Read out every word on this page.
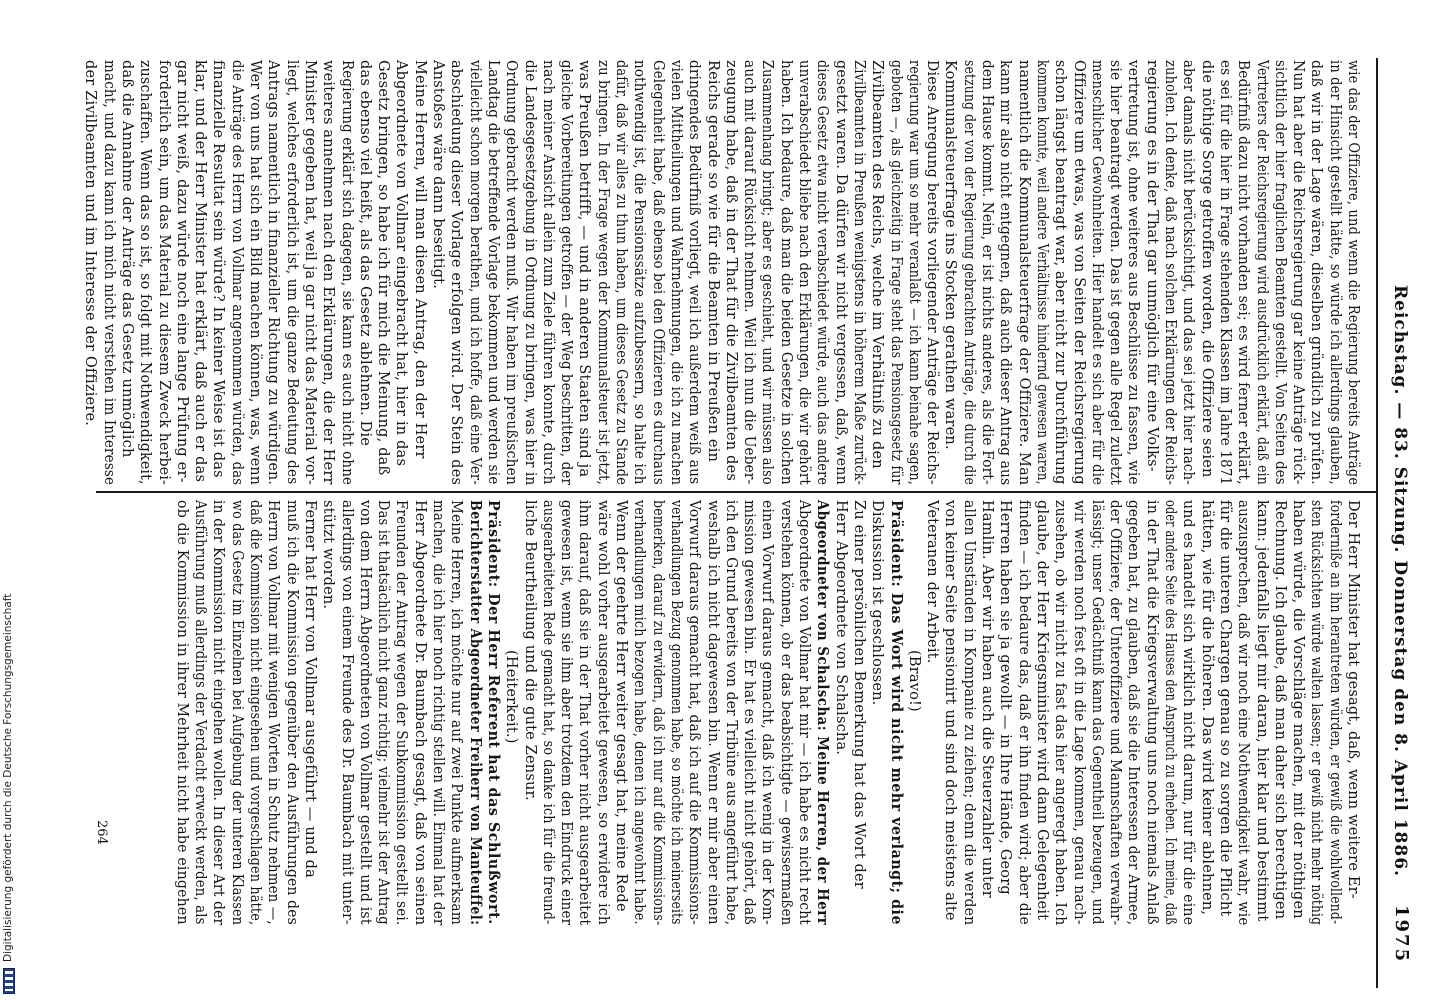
Reichstag. — 83. Sitzung. Donnerstag den 8. April 1886.
1975
Digitalisierung gefördert durch die Deutsche Forschungsgemeinschaft	264
wie das der Offiziere, und wenn die Regierung bereits Anträge
in der Hinsicht gestellt hätte, so würde ich allerdings glauben,
daß wir in der Lage wären, dieselben gründlich zu prüfen.
Nun hat aber die Reichsregierung gar keine Anträge rück-
sichtlich der hier fraglichen Beamten gestellt. Von Seiten des
Vertreters der Reichsregierung wird ausdrücklich erklärt, daß ein
Bedürfniß dazu nicht vorhanden sei; es wird ferner erklärt,
es sei für die hier in Frage stehenden Klassen im Jahre 1871
die nöthige Sorge getroffen worden, die Offiziere seien
aber damals nicht berücksichtigt, und das sei jetzt hier nach-
zuholen. Ich denke, daß nach solchen Erklärungen der Reichs-
regierung es in der That gar unmöglich für eine Volks-
vertretung ist, ohne weiteres aus Beschlüsse zu fassen, wie
sie hier beantragt werden. Das ist gegen alle Regel zuletzt
menschlicher Gewohnheiten. Hier handelt es sich aber für die
Offiziere um etwas, was von Seiten der Reichsregierung
schon längst beantragt war, aber nicht zur Durchführung
kommen konnte, weil andere Verhältnisse hindernd gewesen waren,
namentlich die Kommunalsteuerfrage der Offiziere. Man
kann mir also nicht entgegnen, daß auch dieser Antrag aus
dem Hause kommt. Nein, er ist nichts anderes, als die Fort-
setzung der von der Regierung gebrachten Anträge, die durch die
Kommunalsteuerfrage ins Stocken gerathen waren.
Diese Anregung bereits vorliegender Anträge der Reichs-
regierung war um so mehr veranlaßt — ich kann beinahe sagen,
geboten —, als gleichzeitig in Frage steht das Pensionsgesetz für
Zivilbeamten des Reichs, welche im Verhältniß zu den
Zivilbeamten in Preußen wenigstens in höherem Maße zurück-
gesetzt waren. Da dürfen wir nicht vergessen, daß, wenn
dieses Gesetz etwa nicht verabschiedet würde, auch das andere
unverabschiedet bliebe nach den Erklärungen, die wir gehört
haben. Ich bedaure, daß man die beiden Gesetze in solchen
Zusammenhang bringt; aber es geschieht, und wir müssen also
auch mit darauf Rücksicht nehmen. Weil ich nun die Ueber-
zeugung habe, daß in der That für die Zivilbeamten des
Reichs gerade so wie für die Beamten in Preußen ein
dringendes Bedürfniß vorliegt, weil ich außerdem weiß aus
vielen Mittheilungen und Wahrnehmungen, die ich zu machen
Gelegenheit habe, daß ebenso bei den Offizieren es durchaus
nothwendig ist, die Pensionssätze aufzubessern, so halte ich
dafür, daß wir alles zu thun haben, um dieses Gesetz zu Stande
zu bringen. In der Frage wegen der Kommunalsteuer ist jetzt,
was Preußen betrifft, — und in anderen Staaten sind ja
gleiche Vorbereitungen getroffen — der Weg beschritten, der
nach meiner Ansicht allein zum Ziele führen konnte, durch
die Landesgesetzgebung in Ordnung zu bringen, was hier in
Ordnung gebracht werden muß. Wir haben im preußischen
Landtag die betreffende Vorlage bekommen und werden sie
vielleicht schon morgen berathen, und ich hoffe, daß eine Ver-
abschiedung dieser Vorlage erfolgen wird. Der Stein des
Anstoßes wäre dann beseitigt.
Meine Herren, will man diesen Antrag, den der Herr
Abgeordnete von Vollmar eingebracht hat, hier in das
Gesetz bringen, so habe ich für mich die Meinung, daß
das ebenso viel heißt, als das Gesetz ablehnen. Die
Regierung erklärt sich dagegen, sie kann es auch nicht ohne
weiteres annehmen nach den Erklärungen, die der Herr
Minister gegeben hat, weil ja gar nicht das Material vor-
liegt, welches erforderlich ist, um die ganze Bedeutung des
Antrags namentlich in finanzieller Richtung zu würdigen.
Wer von uns hat sich ein Bild machen können, was, wenn
die Anträge des Herrn von Vollmar angenommen würden, das
finanzielle Resultat sein würde? In keiner Weise ist das
klar, und der Herr Minister hat erklärt, daß auch er das
gar nicht weiß, dazu würde noch eine lange Prüfung er-
forderlich sein, um das Material zu diesem Zweck herbei-
zuschaffen. Wenn das so ist, so folgt mit Nothwendigkeit,
daß die Annahme der Anträge das Gesetz unmöglich
macht, und dazu kann ich mich nicht verstehen im Interesse
der Zivilbeamten und im Interesse der Offiziere.
Der Herr Minister hat gesagt, daß, wenn weitere Er-
forderniße an ihn herantreten würden, er gewiß die wohlwollend-
sten Rücksichten würde walten lassen; er gewiß nicht mehr nöthig
haben würde, die Vorschläge machen, mit der nöthigen
Rechnung. Ich glaube, daß man daher sich berechtigen
kann: jedenfalls liegt mir daran, hier klar und bestimmt
auszusprechen, daß wir noch eine Nothwendigkeit wahr, wie
für die unteren Chargen genau so zu sorgen die Pflicht
hätten, wie für die höheren. Das wird keiner ablehnen,
und es handelt sich wirklich nicht darum, nur für die eine
oder andere Seite des Hauses den Anspruch zu erheben. Ich meine, daß
in der That die Kriegsverwaltung uns noch niemals Anlaß
gegeben hat, zu glauben, daß sie die Interessen der Armee,
der Offiziere, der Unteroffiziere und Mannschaften verwahr-
lässigt; unser Gedächtniß kann das Gegentheil bezeugen, und
wir werden noch fest oft in die Lage kommen, genau nach-
zusehen, ob wir nicht zu fast das hier angeregt haben. Ich
glaube, der Herr Kriegsminister wird dann Gelegenheit
finden — ich bedaure das, daß er ihn finden wird; aber die
Herren haben sie ja gewollt — in Ihre Hände, Georg
Hamlin. Aber wir haben auch die Steuerzahler unter
allen Umständen in Kompanie zu ziehen; denn die werden
von keiner Seite pensionirt und sind doch meistens alte
Veteranen der Arbeit.
(Bravo!)
Präsident: Das Wort wird nicht mehr verlangt; die
Diskussion ist geschlossen.
Zu einer persönlichen Bemerkung hat das Wort der
Herr Abgeordnete von Schalscha.
Abgeordneter von Schalscha: Meine Herren, der Herr
Abgeordnete von Vollmar hat mir — ich habe es nicht recht
verstehen können, ob er das beabsichtigte — gewissermaßen
einen Vorwurf daraus gemacht, daß ich wenig in der Kom-
mission gewesen bin. Er hat es vielleicht nicht gehört, daß
ich den Grund bereits von der Tribüne aus angeführt habe,
weshalb ich nicht dagewesen bin. Wenn er mir aber einen
Vorwurf daraus gemacht hat, daß ich auf die Kommissions-
verhandlungen Bezug genommen habe, so möchte ich meinerseits
bemerken, darauf zu erwidern, daß ich nur auf die Kommissions-
verhandlungen mich bezogen habe, denen ich angewohnt habe.
Wenn der geehrte Herr weiter gesagt hat, meine Rede
wäre wohl vorher ausgearbeitet gewesen, so erwidere ich
ihm darauf, daß sie in der That vorher nicht ausgearbeitet
gewesen ist, wenn sie ihm aber trotzdem den Eindruck einer
ausgearbeiteten Rede gemacht hat, so danke ich für die freund-
liche Beurtheilung und die gute Zensur.
(Heiterkeit.)
Präsident: Der Herr Referent hat das Schlußwort.
Berichterstatter Abgeordneter Freiherr von Manteuffel:
Meine Herren, ich möchte nur auf zwei Punkte aufmerksam
machen, die ich hier noch richtig stellen will. Einmal hat der
Herr Abgeordnete Dr. Baumbach gesagt, daß von seinen
Freunden der Antrag wegen der Subkommission gestellt sei.
Das ist thatsächlich nicht ganz richtig; vielmehr ist der Antrag
von dem Herrn Abgeordneten von Vollmar gestellt und ist
allerdings von einem Freunde des Dr. Baumbach mit unter-
stützt worden.
Ferner hat Herr von Vollmar ausgeführt — und da
muß ich die Kommission gegenüber den Ausführungen des
Herrn von Vollmar mit wenigen Worten in Schutz nehmen —,
daß die Kommission nicht eingesehen und vorgeschlagen hätte,
wo das Gesetz im Einzelnen bei Aufgebung der unteren Klassen
in der Kommission nicht eingehen wollen. In dieser Art der
Ausführung muß allerdings der Verdacht erweckt werden, als
ob die Kommission in ihrer Mehrheit nicht habe eingehen
